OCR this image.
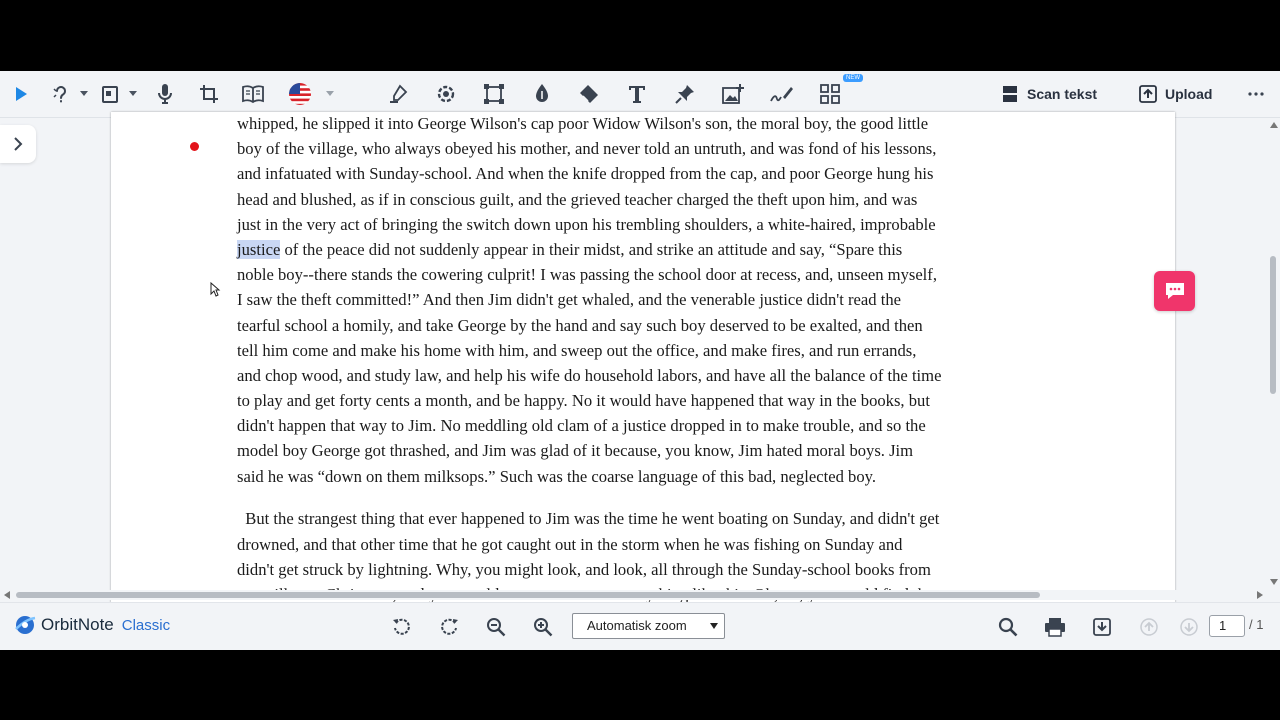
NEW
Scan tekst	Upload
whipped, he slipped it into George Wilson's cap poor Widow Wilson's son, the moral boy, the good little
boy of the village, who always obeyed his mother, and never told an untruth, and was fond of his lessons,
and infatuated with Sunday-school. And when the knife dropped from the cap, and poor George hung his
head and blushed, as if in conscious guilt, and the grieved teacher charged the theft upon him, and was
just in the very act of bringing the switch down upon his trembling shoulders, a white-haired, improbable
justice of the peace did not suddenly appear in their midst, and strike an attitude and say, “Spare this
noble boy--there stands the cowering culprit! I was passing the school door at recess, and, unseen myself,
I saw the theft committed!” And then Jim didn't get whaled, and the venerable justice didn't read the
tearful school a homily, and take George by the hand and say such boy deserved to be exalted, and then
tell him come and make his home with him, and sweep out the office, and make fires, and run errands,
and chop wood, and study law, and help his wife do household labors, and have all the balance of the time
to play and get forty cents a month, and be happy. No it would have happened that way in the books, but
didn't happen that way to Jim. No meddling old clam of a justice dropped in to make trouble, and so the
model boy George got thrashed, and Jim was glad of it because, you know, Jim hated moral boys. Jim
said he was “down on them milksops.” Such was the coarse language of this bad, neglected boy.
But the strangest thing that ever happened to Jim was the time he went boating on Sunday, and didn't get
drowned, and that other time that he got caught out in the storm when he was fishing on Sunday and
didn't get struck by lightning. Why, you might look, and look, all through the Sunday-school books from
OrbitNote Classic	Automatisk zoom	1	/ 1
